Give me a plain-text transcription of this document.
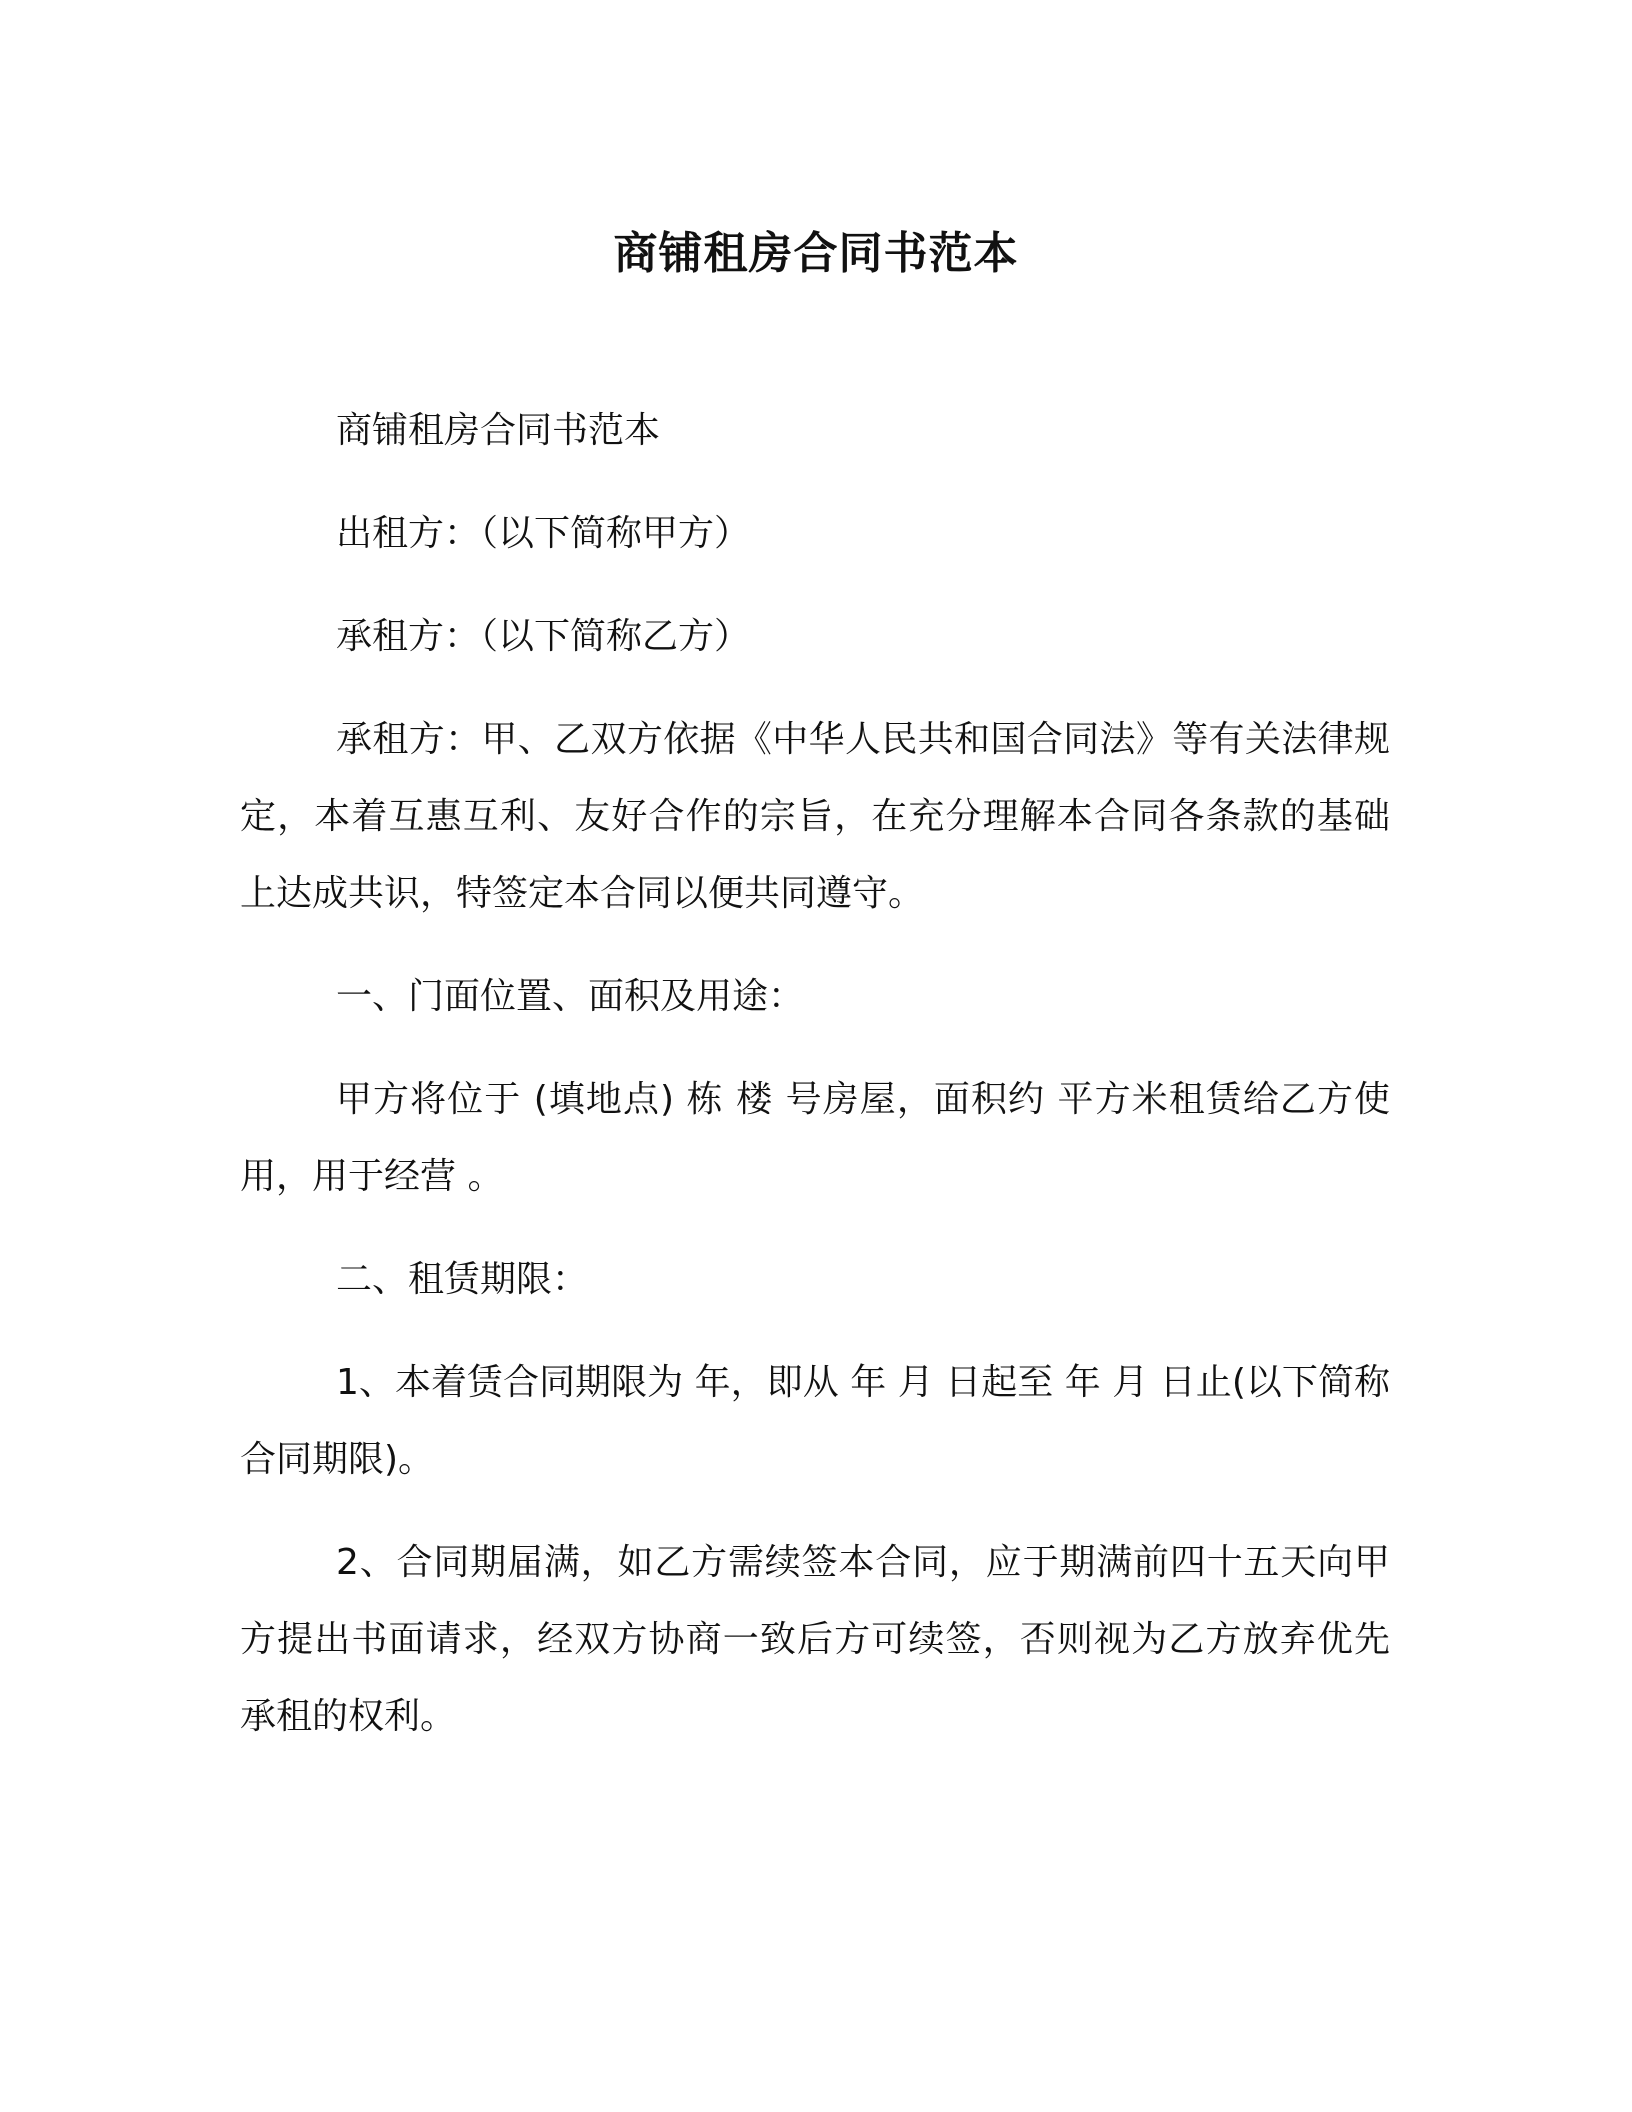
商铺租房合同书范本

商铺租房合同书范本

出租方：（以下简称甲方）

承租方：（以下简称乙方）

承租方：甲、乙双方依据《中华人民共和国合同法》等有关法律规定，本着互惠互利、友好合作的宗旨，在充分理解本合同各条款的基础上达成共识，特签定本合同以便共同遵守。

一、门面位置、面积及用途：

甲方将位于 (填地点) 栋 楼 号房屋，面积约 平方米租赁给乙方使用，用于经营 。

二、租赁期限：

1、本着赁合同期限为 年，即从 年 月 日起至 年 月 日止(以下简称合同期限)。

2、合同期届满，如乙方需续签本合同，应于期满前四十五天向甲方提出书面请求，经双方协商一致后方可续签，否则视为乙方放弃优先承租的权利。
